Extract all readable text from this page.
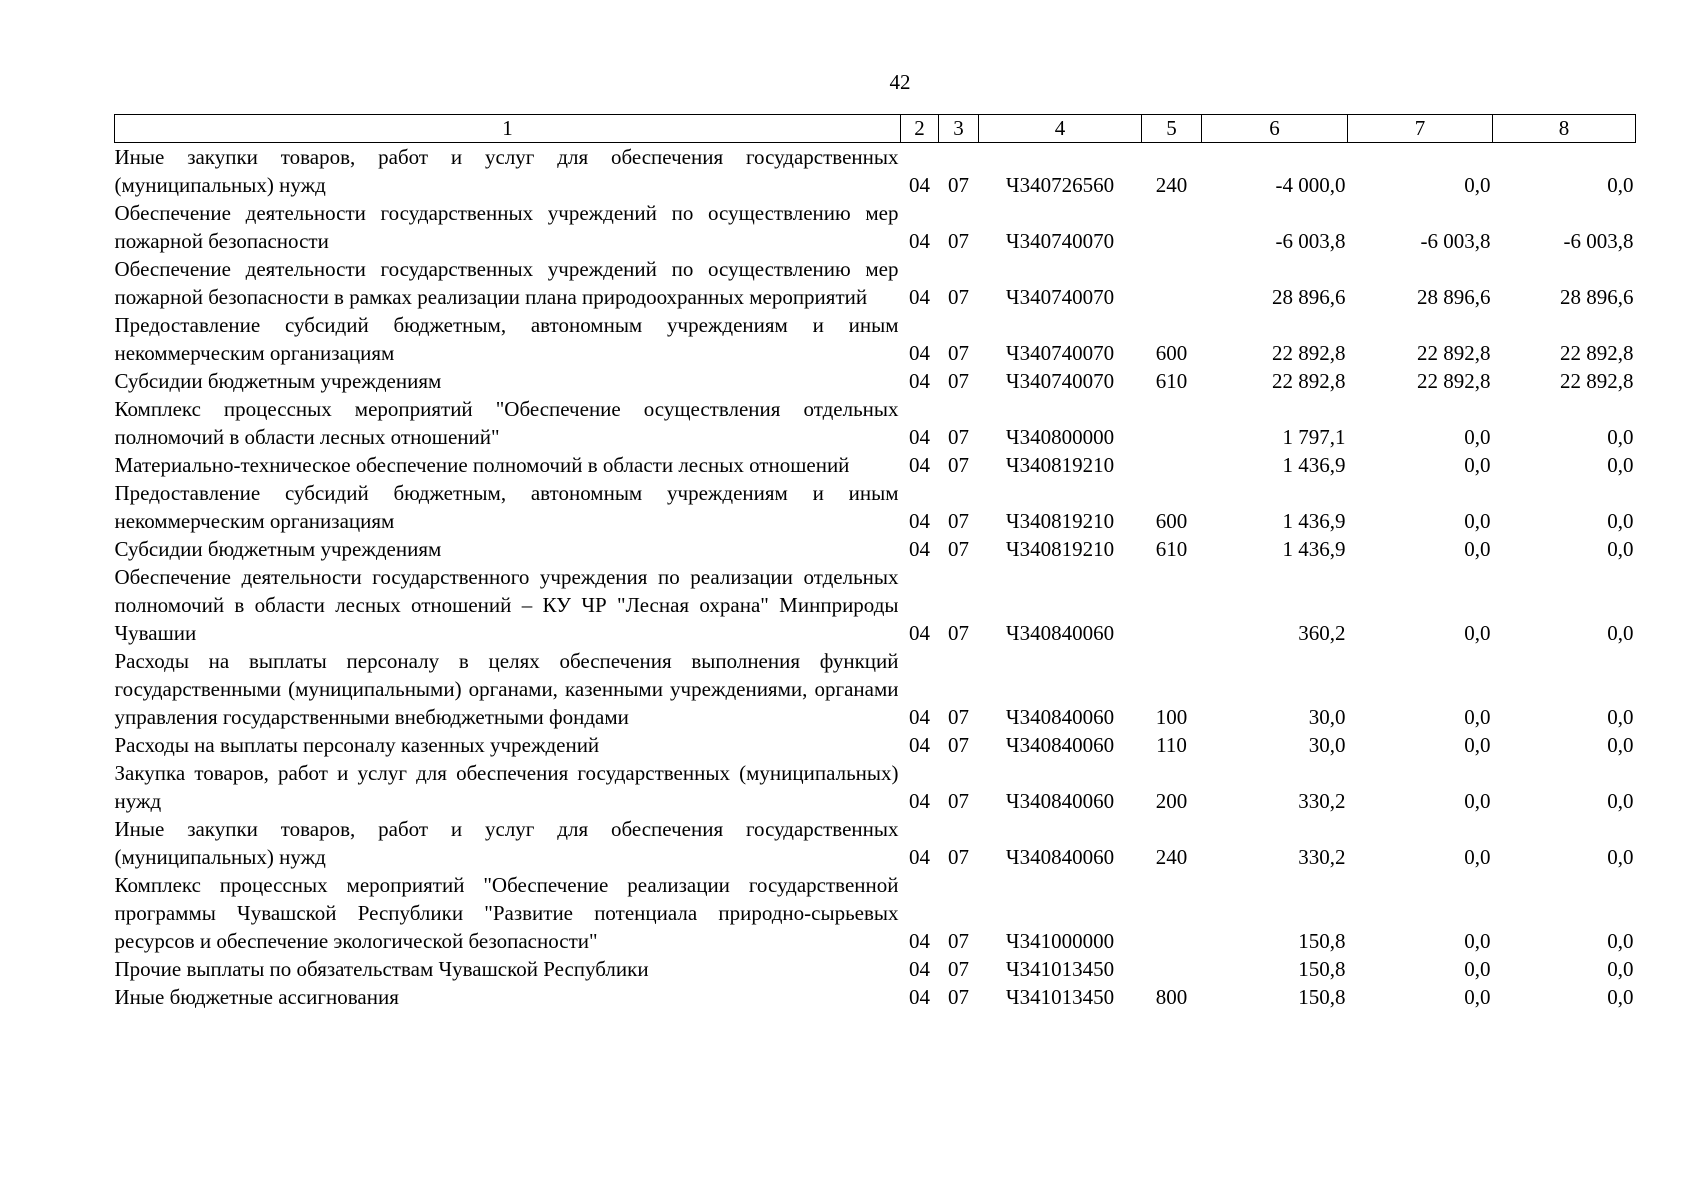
42
1	2	3	4	5	6	7	8
Иные закупки товаров, работ и услуг для обеспечения государственных (муниципальных) нужд	04	07	Ч340726560	240	-4 000,0	0,0	0,0
Обеспечение деятельности государственных учреждений по осуществлению мер пожарной безопасности	04	07	Ч340740070		-6 003,8	-6 003,8	-6 003,8
Обеспечение деятельности государственных учреждений по осуществлению мер пожарной безопасности в рамках реализации плана природоохранных мероприятий	04	07	Ч340740070		28 896,6	28 896,6	28 896,6
Предоставление субсидий бюджетным, автономным учреждениям и иным некоммерческим организациям	04	07	Ч340740070	600	22 892,8	22 892,8	22 892,8
Субсидии бюджетным учреждениям	04	07	Ч340740070	610	22 892,8	22 892,8	22 892,8
Комплекс процессных мероприятий "Обеспечение осуществления отдельных полномочий в области лесных отношений"	04	07	Ч340800000		1 797,1	0,0	0,0
Материально-техническое обеспечение полномочий в области лесных отношений	04	07	Ч340819210		1 436,9	0,0	0,0
Предоставление субсидий бюджетным, автономным учреждениям и иным некоммерческим организациям	04	07	Ч340819210	600	1 436,9	0,0	0,0
Субсидии бюджетным учреждениям	04	07	Ч340819210	610	1 436,9	0,0	0,0
Обеспечение деятельности государственного учреждения по реализации отдельных полномочий в области лесных отношений – КУ ЧР "Лесная охрана" Минприроды Чувашии	04	07	Ч340840060		360,2	0,0	0,0
Расходы на выплаты персоналу в целях обеспечения выполнения функций государственными (муниципальными) органами, казенными учреждениями, органами управления государственными внебюджетными фондами	04	07	Ч340840060	100	30,0	0,0	0,0
Расходы на выплаты персоналу казенных учреждений	04	07	Ч340840060	110	30,0	0,0	0,0
Закупка товаров, работ и услуг для обеспечения государственных (муниципальных) нужд	04	07	Ч340840060	200	330,2	0,0	0,0
Иные закупки товаров, работ и услуг для обеспечения государственных (муниципальных) нужд	04	07	Ч340840060	240	330,2	0,0	0,0
Комплекс процессных мероприятий "Обеспечение реализации государственной программы Чувашской Республики "Развитие потенциала природно-сырьевых ресурсов и обеспечение экологической безопасности"	04	07	Ч341000000		150,8	0,0	0,0
Прочие выплаты по обязательствам Чувашской Республики	04	07	Ч341013450		150,8	0,0	0,0
Иные бюджетные ассигнования	04	07	Ч341013450	800	150,8	0,0	0,0
